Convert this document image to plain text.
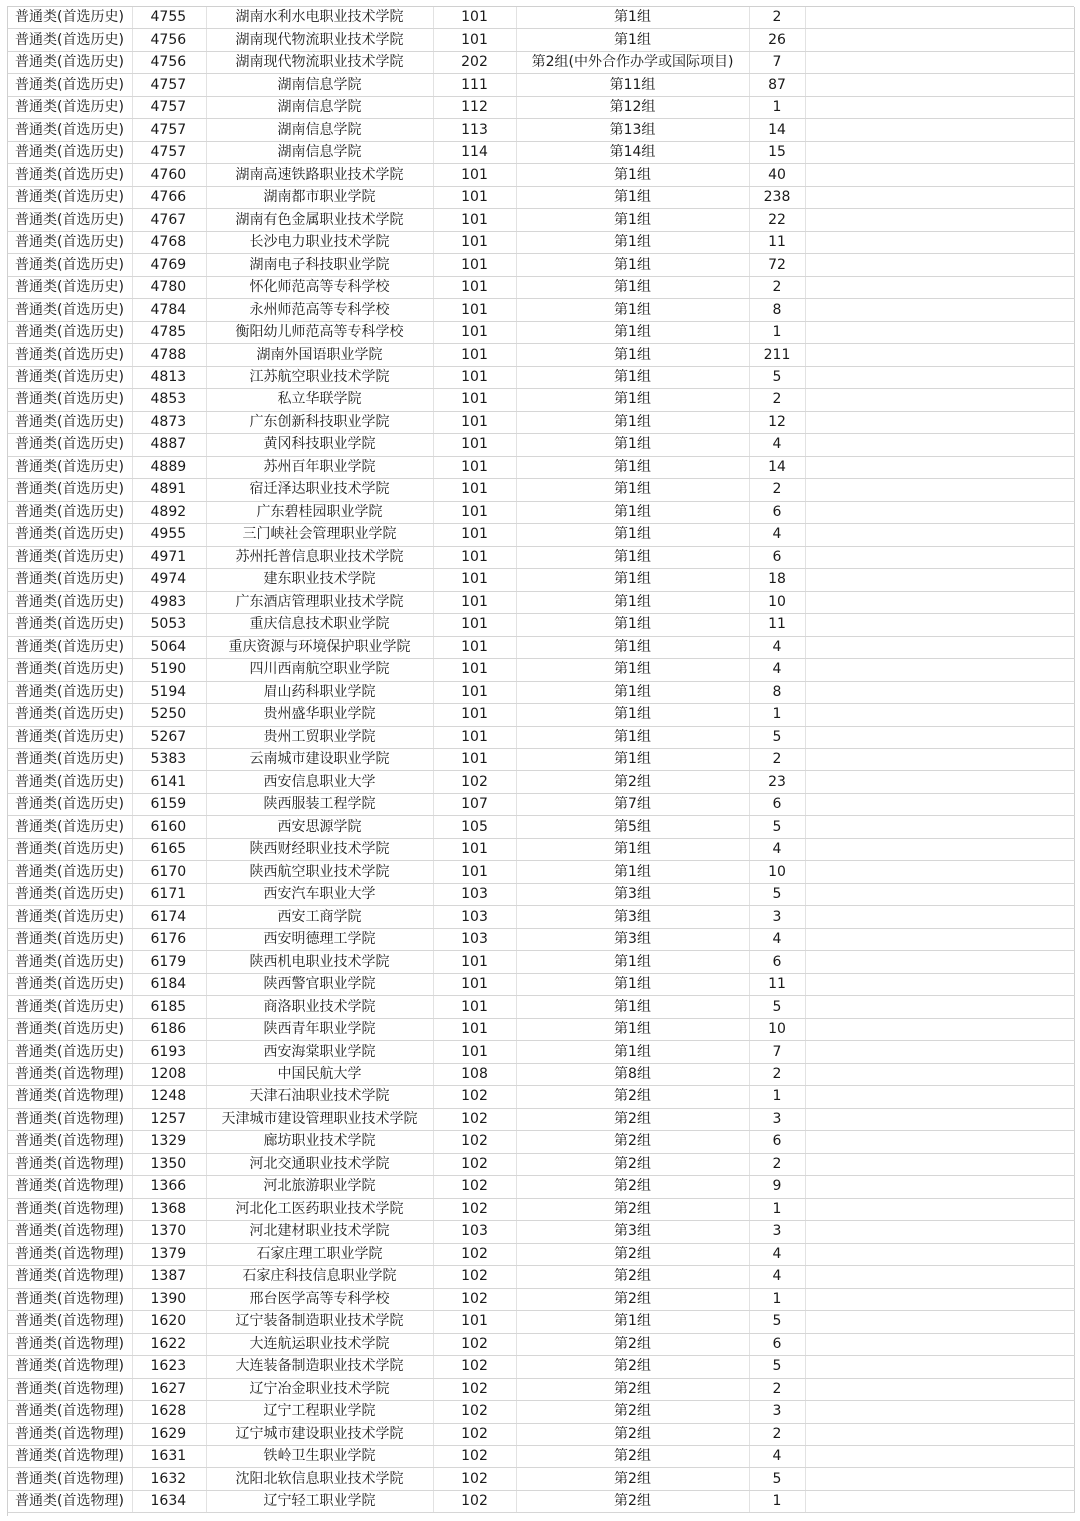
普通类(首选历史)	4755	湖南水利水电职业技术学院	101	第1组	2	
普通类(首选历史)	4756	湖南现代物流职业技术学院	101	第1组	26	
普通类(首选历史)	4756	湖南现代物流职业技术学院	202	第2组(中外合作办学或国际项目)	7	
普通类(首选历史)	4757	湖南信息学院	111	第11组	87	
普通类(首选历史)	4757	湖南信息学院	112	第12组	1	
普通类(首选历史)	4757	湖南信息学院	113	第13组	14	
普通类(首选历史)	4757	湖南信息学院	114	第14组	15	
普通类(首选历史)	4760	湖南高速铁路职业技术学院	101	第1组	40	
普通类(首选历史)	4766	湖南都市职业学院	101	第1组	238	
普通类(首选历史)	4767	湖南有色金属职业技术学院	101	第1组	22	
普通类(首选历史)	4768	长沙电力职业技术学院	101	第1组	11	
普通类(首选历史)	4769	湖南电子科技职业学院	101	第1组	72	
普通类(首选历史)	4780	怀化师范高等专科学校	101	第1组	2	
普通类(首选历史)	4784	永州师范高等专科学校	101	第1组	8	
普通类(首选历史)	4785	衡阳幼儿师范高等专科学校	101	第1组	1	
普通类(首选历史)	4788	湖南外国语职业学院	101	第1组	211	
普通类(首选历史)	4813	江苏航空职业技术学院	101	第1组	5	
普通类(首选历史)	4853	私立华联学院	101	第1组	2	
普通类(首选历史)	4873	广东创新科技职业学院	101	第1组	12	
普通类(首选历史)	4887	黄冈科技职业学院	101	第1组	4	
普通类(首选历史)	4889	苏州百年职业学院	101	第1组	14	
普通类(首选历史)	4891	宿迁泽达职业技术学院	101	第1组	2	
普通类(首选历史)	4892	广东碧桂园职业学院	101	第1组	6	
普通类(首选历史)	4955	三门峡社会管理职业学院	101	第1组	4	
普通类(首选历史)	4971	苏州托普信息职业技术学院	101	第1组	6	
普通类(首选历史)	4974	建东职业技术学院	101	第1组	18	
普通类(首选历史)	4983	广东酒店管理职业技术学院	101	第1组	10	
普通类(首选历史)	5053	重庆信息技术职业学院	101	第1组	11	
普通类(首选历史)	5064	重庆资源与环境保护职业学院	101	第1组	4	
普通类(首选历史)	5190	四川西南航空职业学院	101	第1组	4	
普通类(首选历史)	5194	眉山药科职业学院	101	第1组	8	
普通类(首选历史)	5250	贵州盛华职业学院	101	第1组	1	
普通类(首选历史)	5267	贵州工贸职业学院	101	第1组	5	
普通类(首选历史)	5383	云南城市建设职业学院	101	第1组	2	
普通类(首选历史)	6141	西安信息职业大学	102	第2组	23	
普通类(首选历史)	6159	陕西服装工程学院	107	第7组	6	
普通类(首选历史)	6160	西安思源学院	105	第5组	5	
普通类(首选历史)	6165	陕西财经职业技术学院	101	第1组	4	
普通类(首选历史)	6170	陕西航空职业技术学院	101	第1组	10	
普通类(首选历史)	6171	西安汽车职业大学	103	第3组	5	
普通类(首选历史)	6174	西安工商学院	103	第3组	3	
普通类(首选历史)	6176	西安明德理工学院	103	第3组	4	
普通类(首选历史)	6179	陕西机电职业技术学院	101	第1组	6	
普通类(首选历史)	6184	陕西警官职业学院	101	第1组	11	
普通类(首选历史)	6185	商洛职业技术学院	101	第1组	5	
普通类(首选历史)	6186	陕西青年职业学院	101	第1组	10	
普通类(首选历史)	6193	西安海棠职业学院	101	第1组	7	
普通类(首选物理)	1208	中国民航大学	108	第8组	2	
普通类(首选物理)	1248	天津石油职业技术学院	102	第2组	1	
普通类(首选物理)	1257	天津城市建设管理职业技术学院	102	第2组	3	
普通类(首选物理)	1329	廊坊职业技术学院	102	第2组	6	
普通类(首选物理)	1350	河北交通职业技术学院	102	第2组	2	
普通类(首选物理)	1366	河北旅游职业学院	102	第2组	9	
普通类(首选物理)	1368	河北化工医药职业技术学院	102	第2组	1	
普通类(首选物理)	1370	河北建材职业技术学院	103	第3组	3	
普通类(首选物理)	1379	石家庄理工职业学院	102	第2组	4	
普通类(首选物理)	1387	石家庄科技信息职业学院	102	第2组	4	
普通类(首选物理)	1390	邢台医学高等专科学校	102	第2组	1	
普通类(首选物理)	1620	辽宁装备制造职业技术学院	101	第1组	5	
普通类(首选物理)	1622	大连航运职业技术学院	102	第2组	6	
普通类(首选物理)	1623	大连装备制造职业技术学院	102	第2组	5	
普通类(首选物理)	1627	辽宁冶金职业技术学院	102	第2组	2	
普通类(首选物理)	1628	辽宁工程职业学院	102	第2组	3	
普通类(首选物理)	1629	辽宁城市建设职业技术学院	102	第2组	2	
普通类(首选物理)	1631	铁岭卫生职业学院	102	第2组	4	
普通类(首选物理)	1632	沈阳北软信息职业技术学院	102	第2组	5	
普通类(首选物理)	1634	辽宁轻工职业学院	102	第2组	1	
